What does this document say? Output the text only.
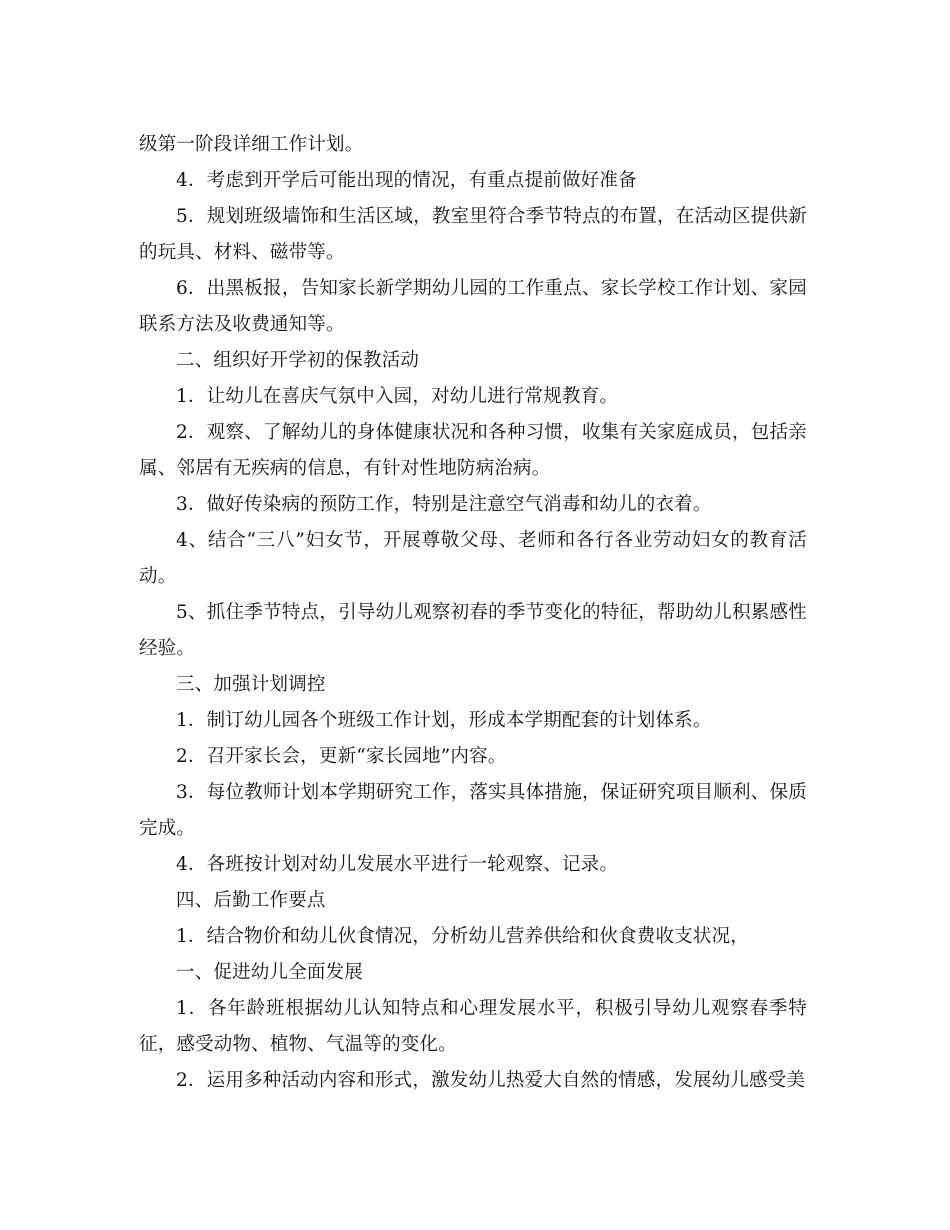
级第一阶段详细工作计划。

4．考虑到开学后可能出现的情况，有重点提前做好准备

5．规划班级墙饰和生活区域，教室里符合季节特点的布置，在活动区提供新的玩具、材料、磁带等。

6．出黑板报，告知家长新学期幼儿园的工作重点、家长学校工作计划、家园联系方法及收费通知等。

二、组织好开学初的保教活动

1．让幼儿在喜庆气氛中入园，对幼儿进行常规教育。

2．观察、了解幼儿的身体健康状况和各种习惯，收集有关家庭成员，包括亲属、邻居有无疾病的信息，有针对性地防病治病。

3．做好传染病的预防工作，特别是注意空气消毒和幼儿的衣着。

4、结合“三八”妇女节，开展尊敬父母、老师和各行各业劳动妇女的教育活动。

5、抓住季节特点，引导幼儿观察初春的季节变化的特征，帮助幼儿积累感性经验。

三、加强计划调控

1．制订幼儿园各个班级工作计划，形成本学期配套的计划体系。

2．召开家长会，更新“家长园地”内容。

3．每位教师计划本学期研究工作，落实具体措施，保证研究项目顺利、保质完成。

4．各班按计划对幼儿发展水平进行一轮观察、记录。

四、后勤工作要点

1．结合物价和幼儿伙食情况，分析幼儿营养供给和伙食费收支状况，

一、促进幼儿全面发展

1．各年龄班根据幼儿认知特点和心理发展水平，积极引导幼儿观察春季特征，感受动物、植物、气温等的变化。

2．运用多种活动内容和形式，激发幼儿热爱大自然的情感，发展幼儿感受美
